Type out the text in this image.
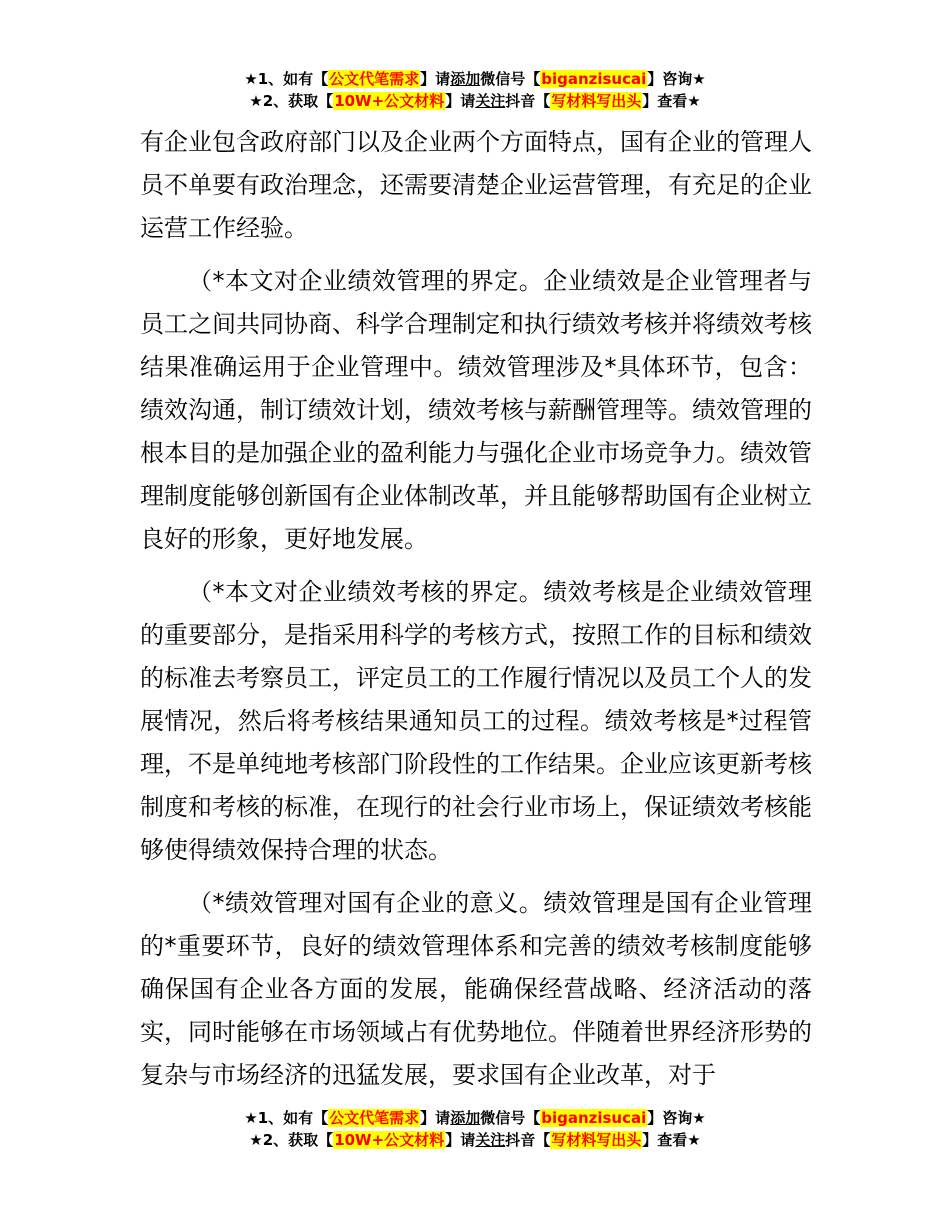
★1、如有【公文代笔需求】请添加微信号【biganzisucai】咨询★
★2、获取【10W+公文材料】请关注抖音【写材料写出头】查看★

有企业包含政府部门以及企业两个方面特点，国有企业的管理人员不单要有政治理念，还需要清楚企业运营管理，有充足的企业运营工作经验。

（*本文对企业绩效管理的界定。企业绩效是企业管理者与员工之间共同协商、科学合理制定和执行绩效考核并将绩效考核结果准确运用于企业管理中。绩效管理涉及*具体环节，包含：绩效沟通，制订绩效计划，绩效考核与薪酬管理等。绩效管理的根本目的是加强企业的盈利能力与强化企业市场竞争力。绩效管理制度能够创新国有企业体制改革，并且能够帮助国有企业树立良好的形象，更好地发展。

（*本文对企业绩效考核的界定。绩效考核是企业绩效管理的重要部分，是指采用科学的考核方式，按照工作的目标和绩效的标准去考察员工，评定员工的工作履行情况以及员工个人的发展情况，然后将考核结果通知员工的过程。绩效考核是*过程管理，不是单纯地考核部门阶段性的工作结果。企业应该更新考核制度和考核的标准，在现行的社会行业市场上，保证绩效考核能够使得绩效保持合理的状态。

（*绩效管理对国有企业的意义。绩效管理是国有企业管理的*重要环节，良好的绩效管理体系和完善的绩效考核制度能够确保国有企业各方面的发展，能确保经营战略、经济活动的落实，同时能够在市场领域占有优势地位。伴随着世界经济形势的复杂与市场经济的迅猛发展，要求国有企业改革，对于

★1、如有【公文代笔需求】请添加微信号【biganzisucai】咨询★
★2、获取【10W+公文材料】请关注抖音【写材料写出头】查看★
